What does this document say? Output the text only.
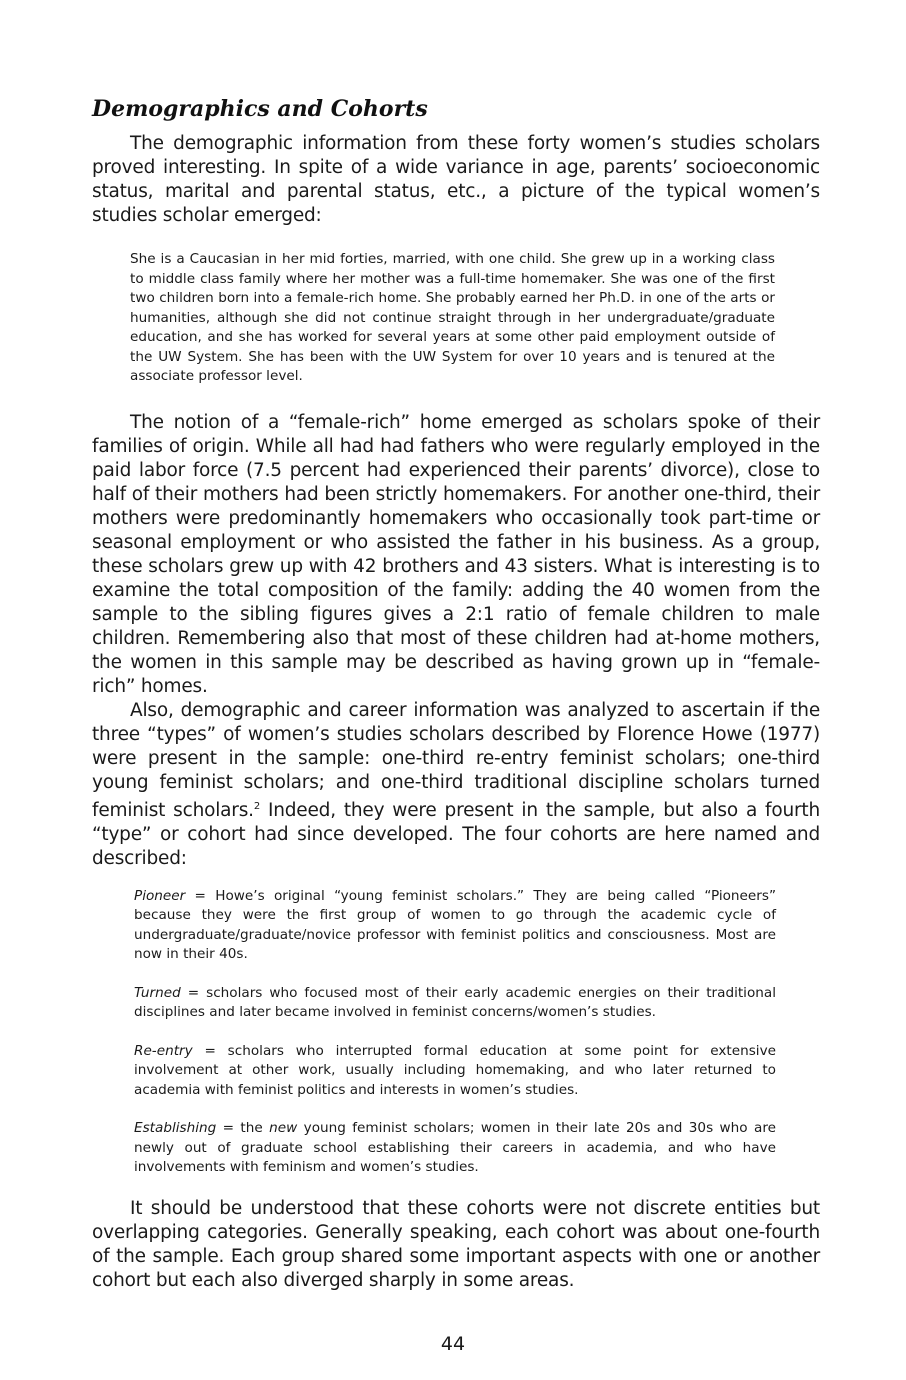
Demographics and Cohorts

The demographic information from these forty women’s studies scholars proved interesting. In spite of a wide variance in age, parents’ socioeconomic status, marital and parental status, etc., a picture of the typical women’s studies scholar emerged:

She is a Caucasian in her mid forties, married, with one child. She grew up in a working class to middle class family where her mother was a full-time homemaker. She was one of the first two children born into a female-rich home. She probably earned her Ph.D. in one of the arts or humanities, although she did not continue straight through in her undergraduate/graduate education, and she has worked for several years at some other paid employment outside of the UW System. She has been with the UW System for over 10 years and is tenured at the associate professor level.

The notion of a “female-rich” home emerged as scholars spoke of their families of origin. While all had had fathers who were regularly employed in the paid labor force (7.5 percent had experienced their parents’ divorce), close to half of their mothers had been strictly homemakers. For another one-third, their mothers were predominantly homemakers who occasionally took part-time or seasonal employment or who assisted the father in his business. As a group, these scholars grew up with 42 brothers and 43 sisters. What is interesting is to examine the total composition of the family: adding the 40 women from the sample to the sibling figures gives a 2:1 ratio of female children to male children. Remembering also that most of these children had at-home mothers, the women in this sample may be described as having grown up in “female-rich” homes.

Also, demographic and career information was analyzed to ascertain if the three “types” of women’s studies scholars described by Florence Howe (1977) were present in the sample: one-third re-entry feminist scholars; one-third young feminist scholars; and one-third traditional discipline scholars turned feminist scholars.$^2$ Indeed, they were present in the sample, but also a fourth “type” or cohort had since developed. The four cohorts are here named and described:

Pioneer = Howe’s original “young feminist scholars.” They are being called “Pioneers” because they were the first group of women to go through the academic cycle of undergraduate/graduate/novice professor with feminist politics and consciousness. Most are now in their 40s.
Turned = scholars who focused most of their early academic energies on their traditional disciplines and later became involved in feminist concerns/women’s studies.
Re-entry = scholars who interrupted formal education at some point for extensive involvement at other work, usually including homemaking, and who later returned to academia with feminist politics and interests in women’s studies.
Establishing = the new young feminist scholars; women in their late 20s and 30s who are newly out of graduate school establishing their careers in academia, and who have involvements with feminism and women’s studies.

It should be understood that these cohorts were not discrete entities but overlapping categories. Generally speaking, each cohort was about one-fourth of the sample. Each group shared some important aspects with one or another cohort but each also diverged sharply in some areas.

44
